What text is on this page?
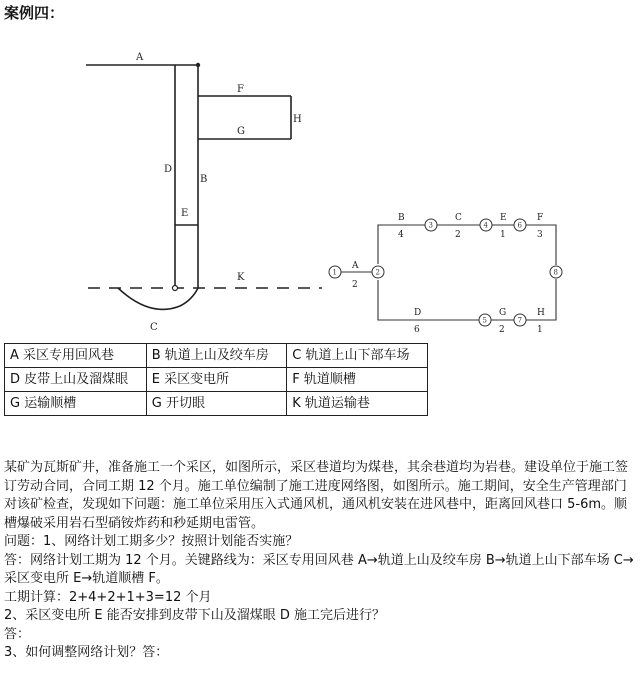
案例四：
A
F
G
H
D
B
E
K
C
1	2
3	4
5
6
7
8
A
2
B
4
C
2
E
1
F
3
D
6
G
2
H
1
A 采区专用回风巷	B 轨道上山及绞车房	C 轨道上山下部车场
D 皮带上山及溜煤眼	E 采区变电所	F 轨道顺槽
G 运输顺槽	G 开切眼	K 轨道运输巷

某矿为瓦斯矿井，准备施工一个采区，如图所示，采区巷道均为煤巷，其余巷道均为岩巷。建设单位于施工签订劳动合同，合同工期 12 个月。施工单位编制了施工进度网络图，如图所示。施工期间，安全生产管理部门对该矿检查，发现如下问题：施工单位采用压入式通风机，通风机安装在进风巷中，距离回风巷口 5-6m。顺槽爆破采用岩石型硝铵炸药和秒延期电雷管。

问题：1、网络计划工期多少？按照计划能否实施？

答：网络计划工期为 12 个月。关键路线为：采区专用回风巷 A→轨道上山及绞车房 B→轨道上山下部车场 C→采区变电所 E→轨道顺槽 F。

工期计算：2+4+2+1+3=12 个月

2、采区变电所 E 能否安排到皮带下山及溜煤眼 D 施工完后进行？

答：

3、如何调整网络计划？答：
